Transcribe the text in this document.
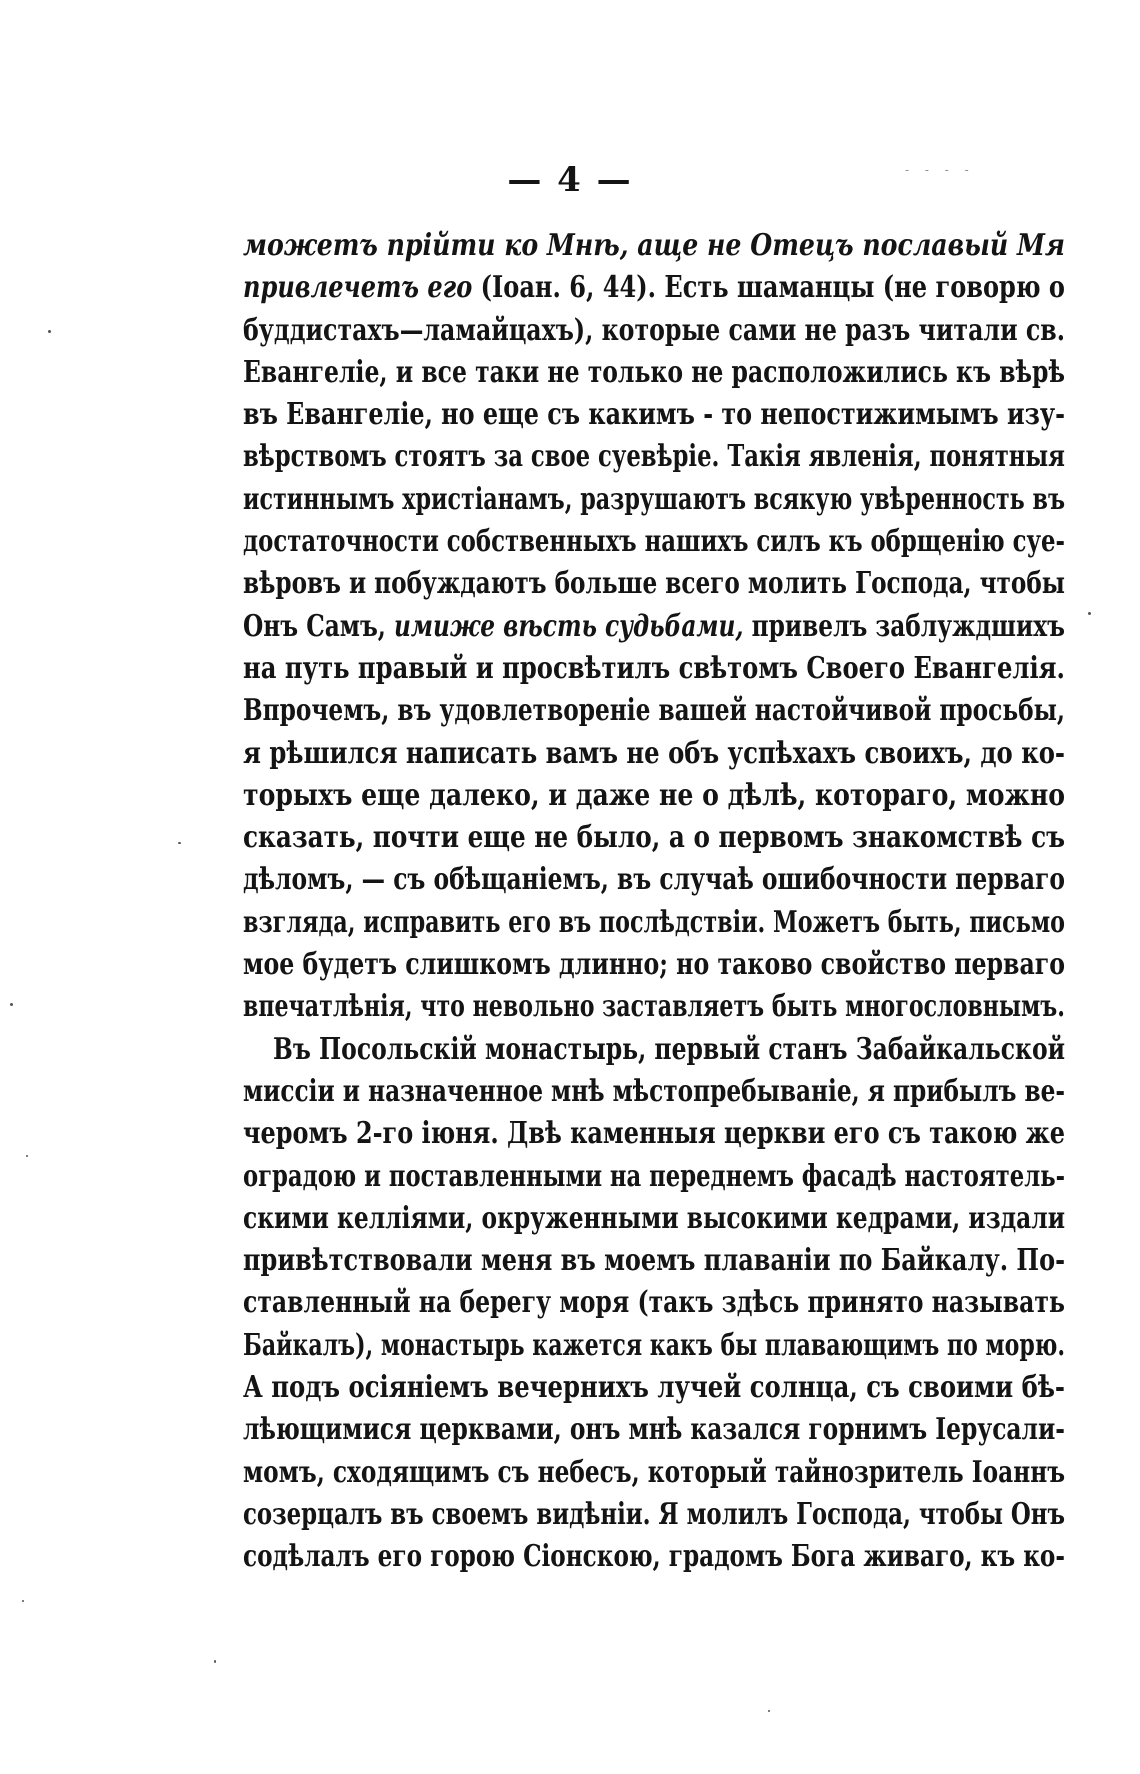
— 4 —	- - - -
можетъ прійти ко Мнѣ, аще не Отецъ пославый Мя
привлечетъ его (Іоан. 6, 44). Есть шаманцы (не говорю о
буддистахъ—ламайцахъ), которые сами не разъ читали св.
Евангеліе, и все таки не только не расположились къ вѣрѣ
въ Евангеліе, но еще съ какимъ - то непостижимымъ изу-
вѣрствомъ стоятъ за свое суевѣріе. Такія явленія, понятныя
истиннымъ христіанамъ, разрушаютъ всякую увѣренность въ
достаточности собственныхъ нашихъ силъ къ обрщенію суе-
вѣровъ и побуждаютъ больше всего молить Господа, чтобы
Онъ Самъ, имиже вѣсть судьбами, привелъ заблуждшихъ
на путь правый и просвѣтилъ свѣтомъ Своего Евангелія.
Впрочемъ, въ удовлетвореніе вашей настойчивой просьбы,
я рѣшился написать вамъ не объ успѣхахъ своихъ, до ко-
торыхъ еще далеко, и даже не о дѣлѣ, котораго, можно
сказать, почти еще не было, а о первомъ знакомствѣ съ
дѣломъ, — съ обѣщаніемъ, въ случаѣ ошибочности перваго
взгляда, исправить его въ послѣдствіи. Можетъ быть, письмо
мое будетъ слишкомъ длинно; но таково свойство перваго
впечатлѣнія, что невольно заставляетъ быть многословнымъ.
Въ Посольскій монастырь, первый станъ Забайкальской
миссіи и назначенное мнѣ мѣстопребываніе, я прибылъ ве-
черомъ 2-го іюня. Двѣ каменныя церкви его съ такою же
оградою и поставленными на переднемъ фасадѣ настоятель-
скими келліями, окруженными высокими кедрами, издали
привѣтствовали меня въ моемъ плаваніи по Байкалу. По-
ставленный на берегу моря (такъ здѣсь принято называть
Байкалъ), монастырь кажется какъ бы плавающимъ по морю.
А подъ осіяніемъ вечернихъ лучей солнца, съ своими бѣ-
лѣющимися церквами, онъ мнѣ казался горнимъ Іерусали-
момъ, сходящимъ съ небесъ, который тайнозритель Іоаннъ
созерцалъ въ своемъ видѣніи. Я молилъ Господа, чтобы Онъ
содѣлалъ его горою Сіонскою, градомъ Бога живаго, къ ко-
